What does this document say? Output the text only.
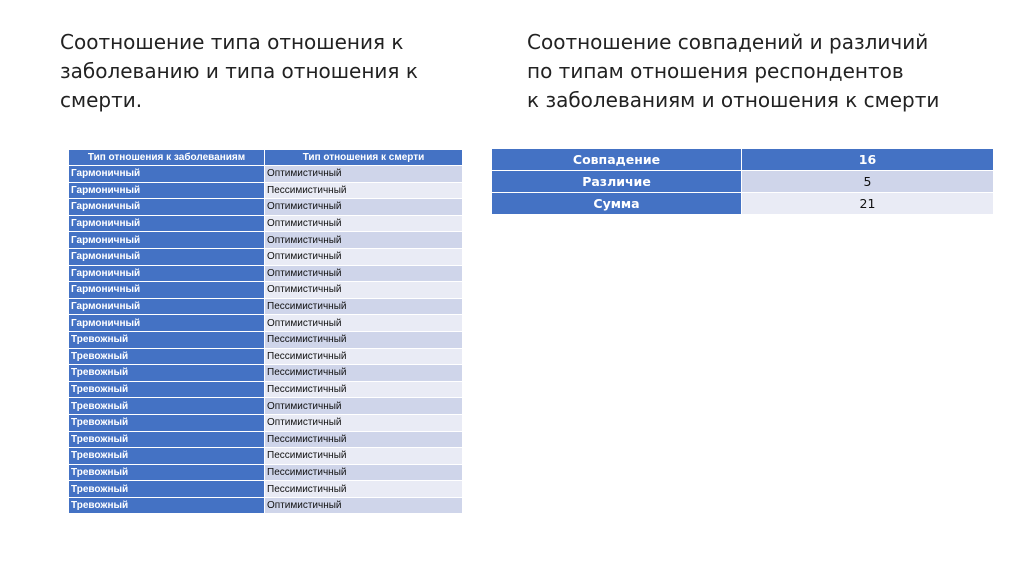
Соотношение типа отношения к
заболеванию и типа отношения к
смерти.
Соотношение совпадений и различий
по типам отношения респондентов
к заболеваниям и отношения к смерти
Тип отношения к заболеваниям	Тип отношения к смерти
Гармоничный	Оптимистичный
Гармоничный	Пессимистичный
Гармоничный	Оптимистичный
Гармоничный	Оптимистичный
Гармоничный	Оптимистичный
Гармоничный	Оптимистичный
Гармоничный	Оптимистичный
Гармоничный	Оптимистичный
Гармоничный	Пессимистичный
Гармоничный	Оптимистичный
Тревожный	Пессимистичный
Тревожный	Пессимистичный
Тревожный	Пессимистичный
Тревожный	Пессимистичный
Тревожный	Оптимистичный
Тревожный	Оптимистичный
Тревожный	Пессимистичный
Тревожный	Пессимистичный
Тревожный	Пессимистичный
Тревожный	Пессимистичный
Тревожный	Оптимистичный
Совпадение	16
Различие	5
Сумма	21
